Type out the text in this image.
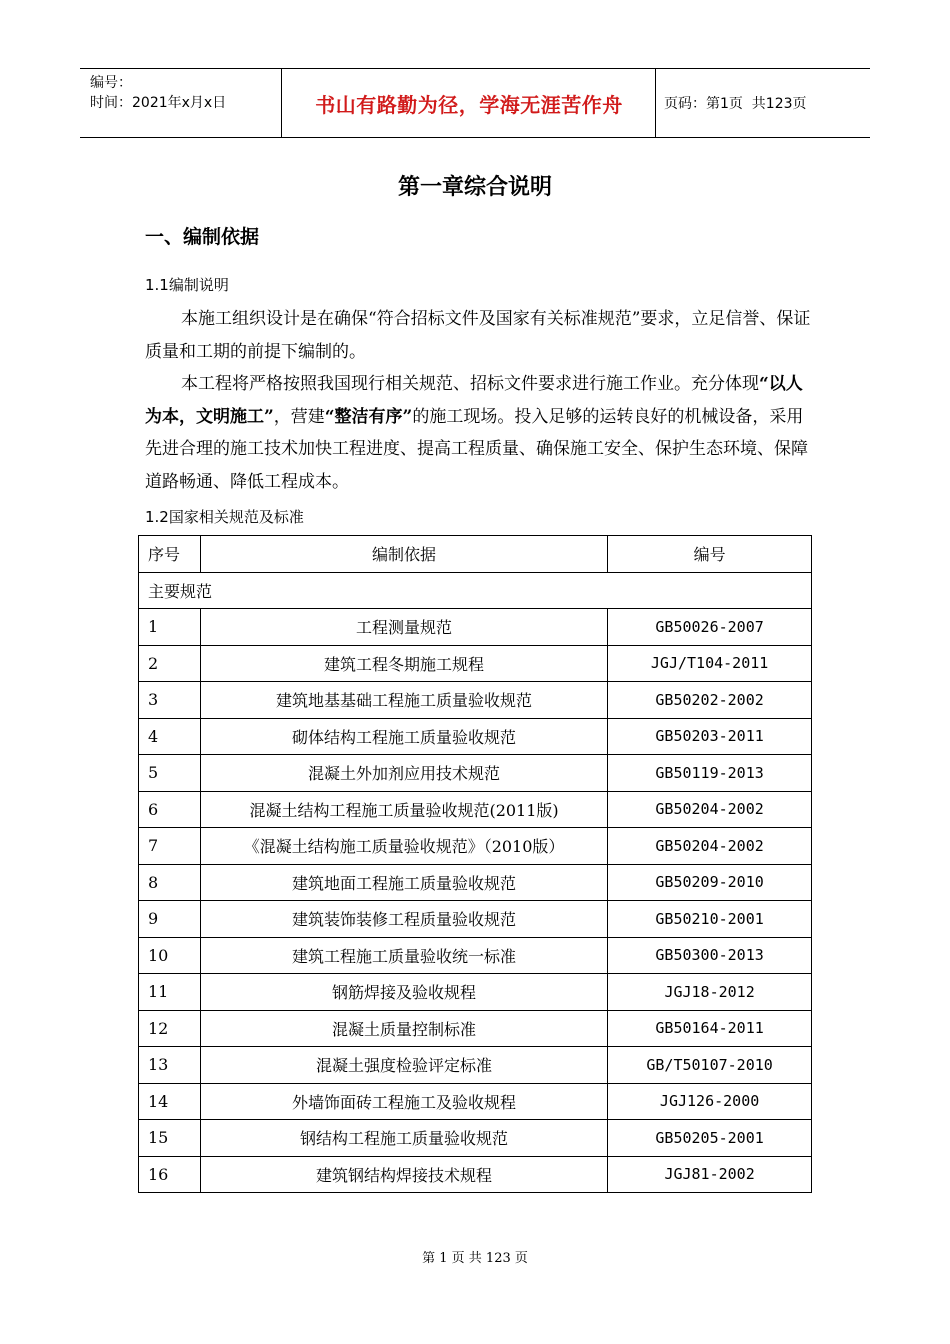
编号：
时间：2021年x月x日	书山有路勤为径，学海无涯苦作舟	页码：第1页  共123页
第一章综合说明
一、编制依据
1.1编制说明

本施工组织设计是在确保“符合招标文件及国家有关标准规范”要求，立足信誉、保证质量和工期的前提下编制的。

本工程将严格按照我国现行相关规范、招标文件要求进行施工作业。充分体现“以人为本，文明施工”，营建“整洁有序”的施工现场。投入足够的运转良好的机械设备，采用先进合理的施工技术加快工程进度、提高工程质量、确保施工安全、保护生态环境、保障道路畅通、降低工程成本。

1.2国家相关规范及标准
序号	编制依据	编号
主要规范		
1	工程测量规范	GB50026-2007
2	建筑工程冬期施工规程	JGJ/T104-2011
3	建筑地基基础工程施工质量验收规范	GB50202-2002
4	砌体结构工程施工质量验收规范	GB50203-2011
5	混凝土外加剂应用技术规范	GB50119-2013
6	混凝土结构工程施工质量验收规范(2011版)	GB50204-2002
7	《混凝土结构施工质量验收规范》（2010版）	GB50204-2002
8	建筑地面工程施工质量验收规范	GB50209-2010
9	建筑装饰装修工程质量验收规范	GB50210-2001
10	建筑工程施工质量验收统一标准	GB50300-2013
11	钢筋焊接及验收规程	JGJ18-2012
12	混凝土质量控制标准	GB50164-2011
13	混凝土强度检验评定标准	GB/T50107-2010
14	外墙饰面砖工程施工及验收规程	JGJ126-2000
15	钢结构工程施工质量验收规范	GB50205-2001
16	建筑钢结构焊接技术规程	JGJ81-2002
第 1 页 共 123 页
